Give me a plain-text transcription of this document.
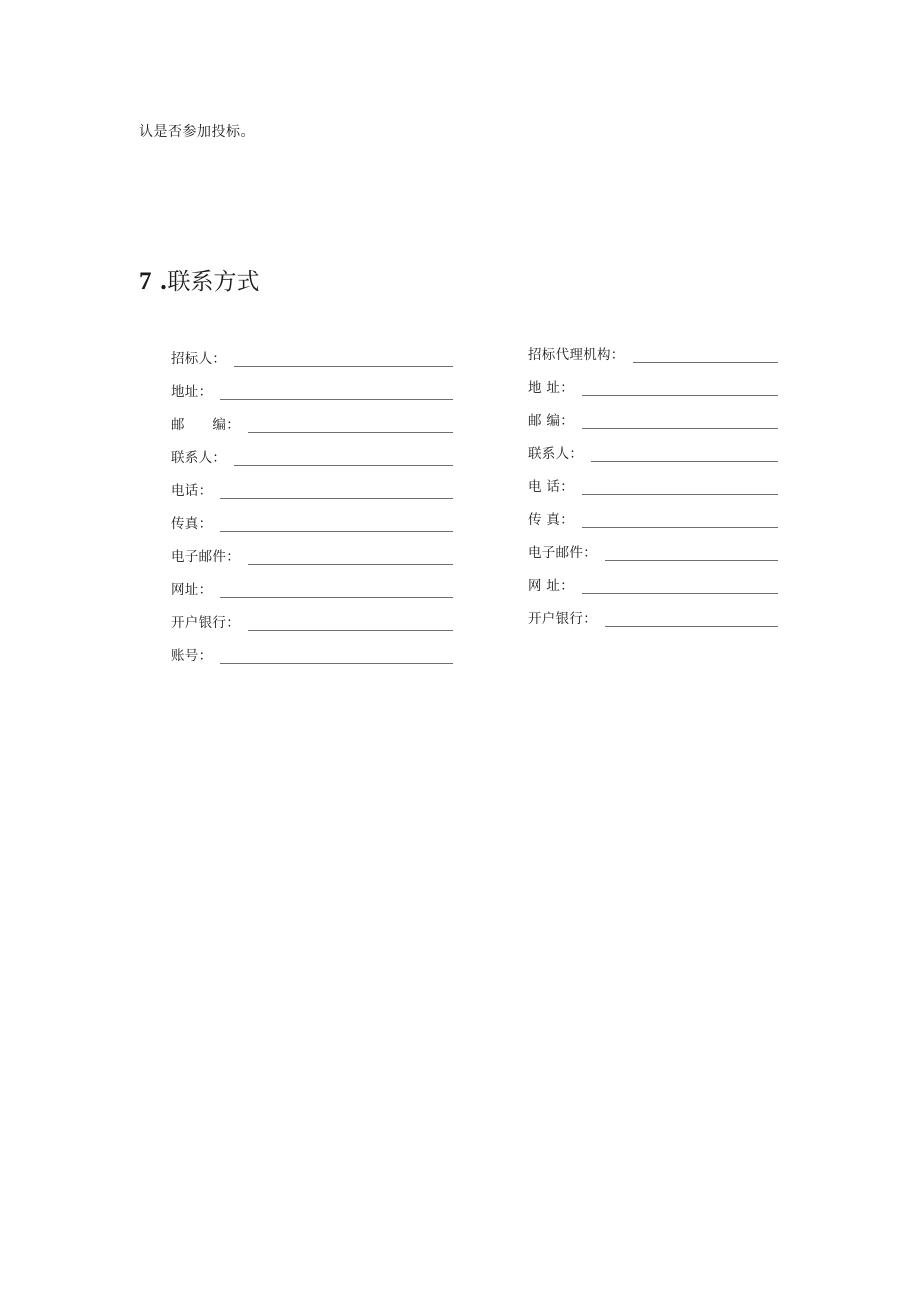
认是否参加投标。
7 .联系方式
招标人：
地址：
邮　　编：
联系人：
电话：
传真：
电子邮件：
网址：
开户银行：
账号：
招标代理机构：
地 址：
邮 编：
联系人：
电 话：
传 真：
电子邮件：
网 址：
开户银行：
